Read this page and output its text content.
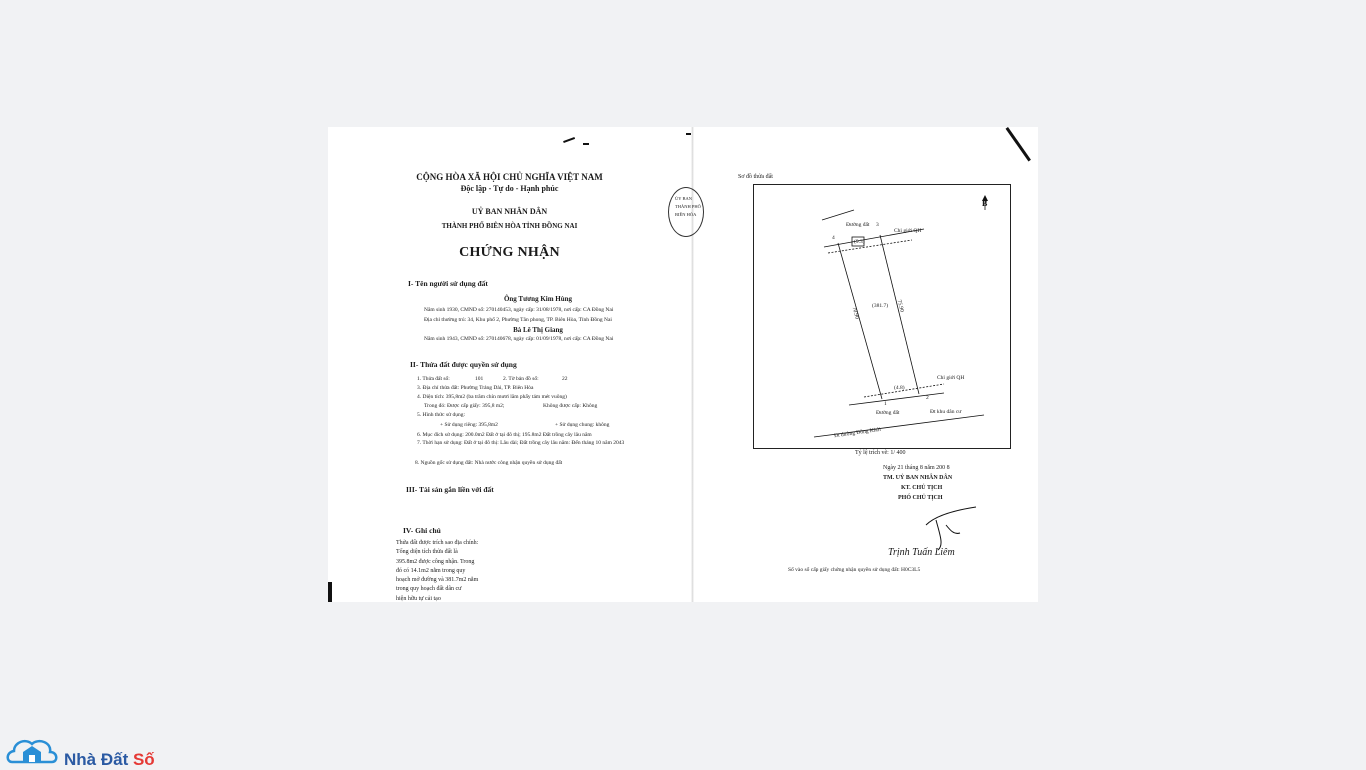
CỘNG HÒA XÃ HỘI CHỦ NGHĨA VIỆT NAM
Độc lập - Tự do - Hạnh phúc
UỶ BAN NHÂN DÂN
THÀNH PHỐ BIÊN HÒA TỈNH ĐỒNG NAI
CHỨNG NHẬN
I- Tên người sử dụng đất
Ông Tương Kim Hùng
Năm sinh 1930, CMND số: 270140453, ngày cấp: 31/08/1978, nơi cấp: CA Đồng Nai
Địa chỉ thường trú: 34, Khu phố 2, Phường Tân phong, TP. Biên Hòa, Tỉnh Đồng Nai
Bà Lê Thị Giang
Năm sinh 1943, CMND số: 270140678, ngày cấp: 01/09/1978, nơi cấp: CA Đồng Nai
II- Thửa đất được quyền sử dụng
1. Thửa đất số:	101	2. Tờ bản đồ số:	22
3. Địa chỉ thửa đất: Phường Trảng Dài, TP. Biên Hòa
4. Diện tích: 395,8m2 (ba trăm chín mươi lăm phẩy tám mét vuông)
Trong đó: Được cấp giấy: 395,8 m2;	Không được cấp: Không
5. Hình thức sử dụng:
+ Sử dụng riêng: 395,8m2	+ Sử dụng chung: không
6. Mục đích sử dụng: 200.0m2 Đất ở tại đô thị; 195.8m2 Đất trồng cây lâu năm
7. Thời hạn sử dụng: Đất ở tại đô thị: Lâu dài; Đất trồng cây lâu năm: Đến tháng 10 năm 2043
8. Nguồn gốc sử dụng đất: Nhà nước công nhận quyền sử dụng đất
III- Tài sản gắn liền với đất
IV- Ghi chú
Thửa đất được trích sao địa chính:
Tổng diện tích thửa đất là
395.8m2 được công nhận. Trong
đó có 14.1m2 nằm trong quy
hoạch mở đường và 381.7m2 nằm
trong quy hoạch đất dân cư
hiện hữu tự cải tạo
ỦY BAN
THÀNH PHỐ
BIÊN HÒA
Sơ đồ thửa đất
Đường đất
Chỉ giới QH
(9.3)
4
3
(381.7)
70.90
75.90
(4.8)
Chỉ giới QH
1
2
Đường đất	Đt khu dân cư
Đt đường Đồng Khởi
B
Tỷ lệ trích vẽ: 1/ 400
Ngày 21 tháng 8 năm 200 8
TM. UỶ BAN NHÂN DÂN
KT. CHỦ TỊCH
PHÓ CHỦ TỊCH
Trịnh Tuấn Liêm
Số vào sổ cấp giấy chứng nhận quyền sử dụng đất: H0C3L5
Nhà Đất Số
